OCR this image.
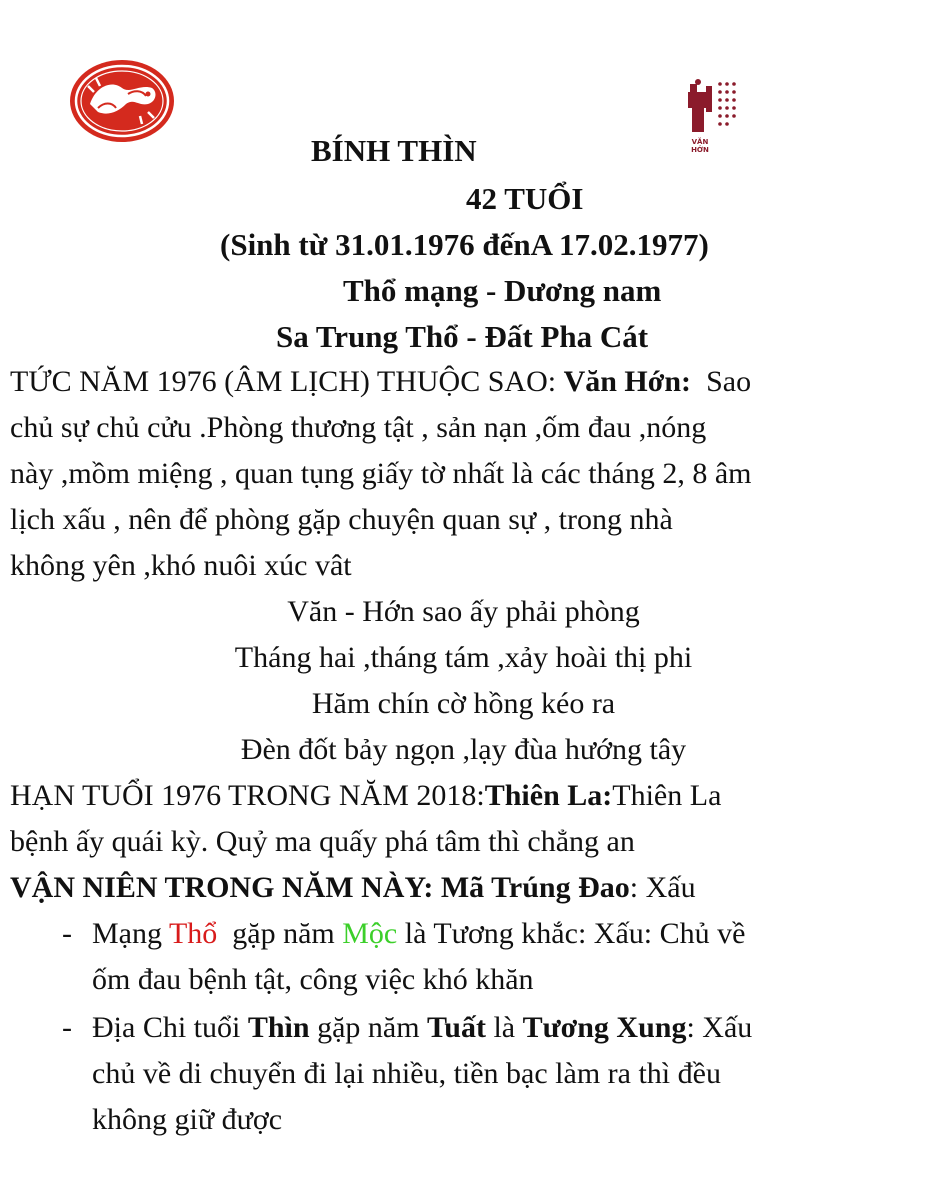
VĂN HỚN
BÍNH THÌN
42 TUỔI
(Sinh từ 31.01.1976 đếnA 17.02.1977)
Thổ mạng - Dương nam
Sa Trung Thổ - Đất Pha Cát
TỨC NĂM 1976 (ÂM LỊCH) THUỘC SAO: Văn Hớn:  Sao
chủ sự chủ cửu .Phòng thương tật , sản nạn ,ốm đau ,nóng
này ,mồm miệng , quan tụng giấy tờ nhất là các tháng 2, 8 âm
lịch xấu , nên để phòng gặp chuyện quan sự , trong nhà
không yên ,khó nuôi xúc vât
Văn - Hớn sao ấy phải phòng
Tháng hai ,tháng tám ,xảy hoài thị phi
Hăm chín cờ hồng kéo ra
Đèn đốt bảy ngọn ,lạy đùa hướng tây
HẠN TUỔI 1976 TRONG NĂM 2018:Thiên La:Thiên La
bệnh ấy quái kỳ. Quỷ ma quấy phá tâm thì chẳng an
VẬN NIÊN TRONG NĂM NÀY: Mã Trúng Đao: Xấu
- Mạng Thổ  gặp năm Mộc là Tương khắc: Xấu: Chủ về
ốm đau bệnh tật, công việc khó khăn
- Địa Chi tuổi Thìn gặp năm Tuất là Tương Xung: Xấu
chủ về di chuyển đi lại nhiều, tiền bạc làm ra thì đều
không giữ được
